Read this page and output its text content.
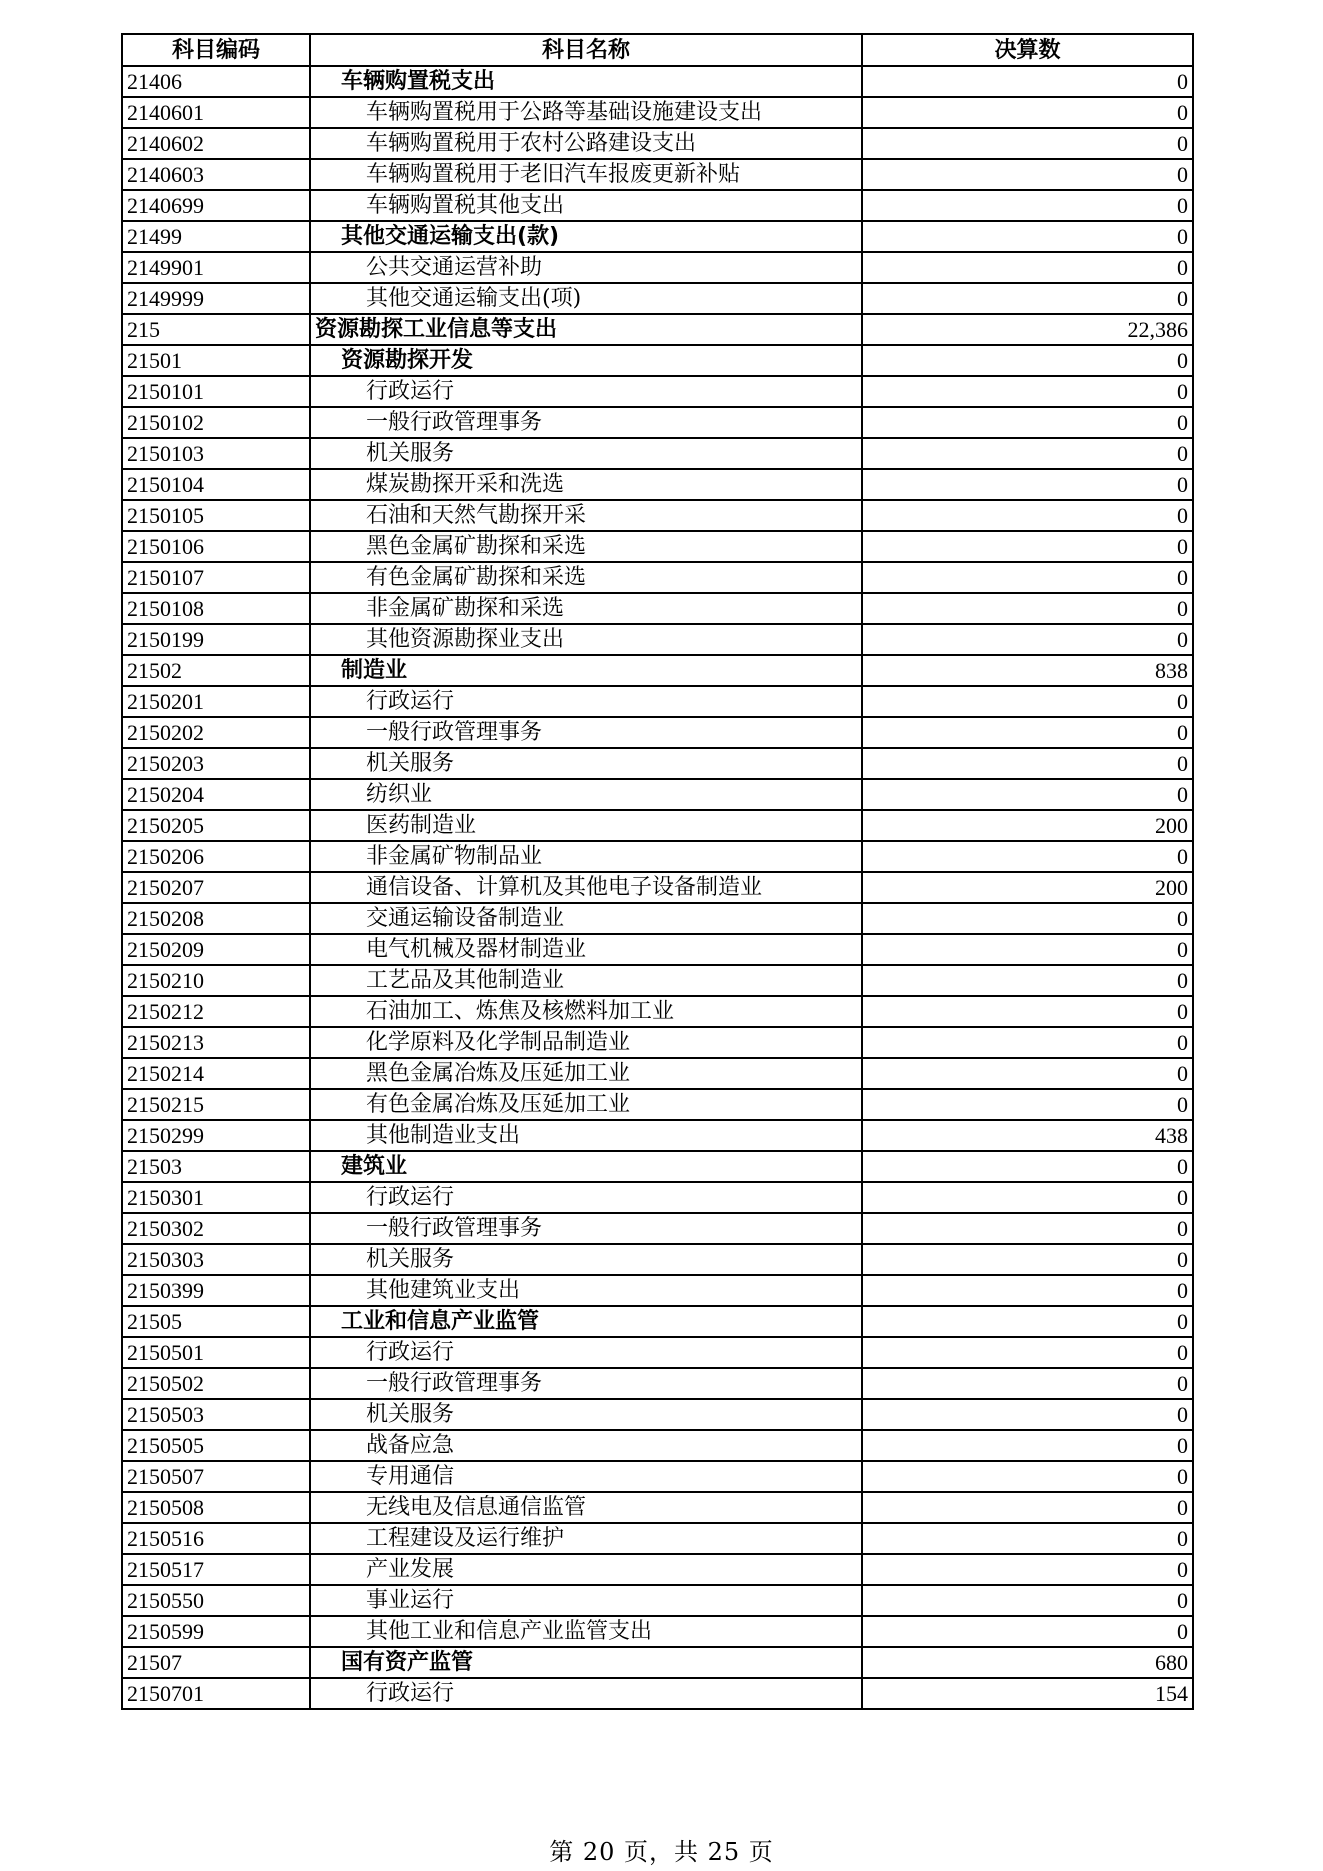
科目编码	科目名称	决算数
21406	车辆购置税支出	0
2140601	车辆购置税用于公路等基础设施建设支出	0
2140602	车辆购置税用于农村公路建设支出	0
2140603	车辆购置税用于老旧汽车报废更新补贴	0
2140699	车辆购置税其他支出	0
21499	其他交通运输支出(款)	0
2149901	公共交通运营补助	0
2149999	其他交通运输支出(项)	0
215	资源勘探工业信息等支出	22,386
21501	资源勘探开发	0
2150101	行政运行	0
2150102	一般行政管理事务	0
2150103	机关服务	0
2150104	煤炭勘探开采和洗选	0
2150105	石油和天然气勘探开采	0
2150106	黑色金属矿勘探和采选	0
2150107	有色金属矿勘探和采选	0
2150108	非金属矿勘探和采选	0
2150199	其他资源勘探业支出	0
21502	制造业	838
2150201	行政运行	0
2150202	一般行政管理事务	0
2150203	机关服务	0
2150204	纺织业	0
2150205	医药制造业	200
2150206	非金属矿物制品业	0
2150207	通信设备、计算机及其他电子设备制造业	200
2150208	交通运输设备制造业	0
2150209	电气机械及器材制造业	0
2150210	工艺品及其他制造业	0
2150212	石油加工、炼焦及核燃料加工业	0
2150213	化学原料及化学制品制造业	0
2150214	黑色金属冶炼及压延加工业	0
2150215	有色金属冶炼及压延加工业	0
2150299	其他制造业支出	438
21503	建筑业	0
2150301	行政运行	0
2150302	一般行政管理事务	0
2150303	机关服务	0
2150399	其他建筑业支出	0
21505	工业和信息产业监管	0
2150501	行政运行	0
2150502	一般行政管理事务	0
2150503	机关服务	0
2150505	战备应急	0
2150507	专用通信	0
2150508	无线电及信息通信监管	0
2150516	工程建设及运行维护	0
2150517	产业发展	0
2150550	事业运行	0
2150599	其他工业和信息产业监管支出	0
21507	国有资产监管	680
2150701	行政运行	154
第 20 页，共 25 页
